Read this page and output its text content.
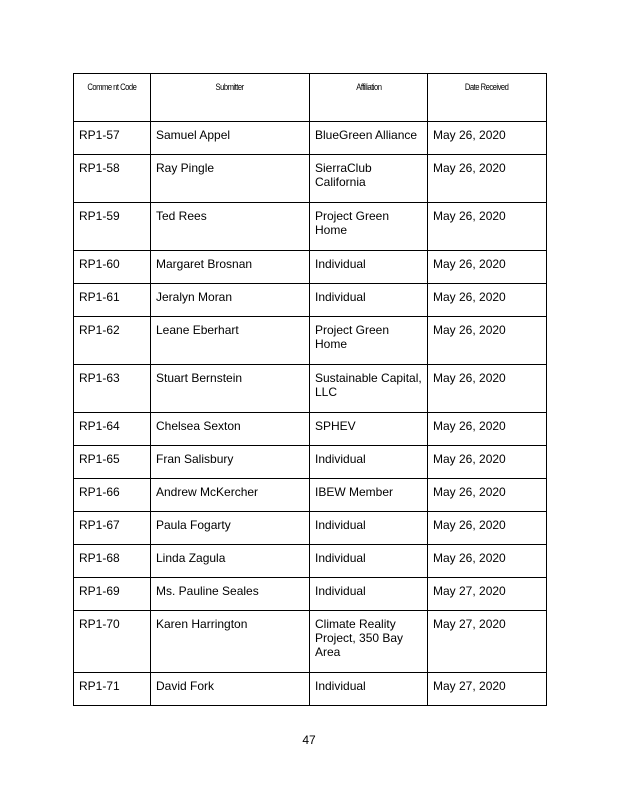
Comme nt Code	Submitter	Affiliation	Date Received
RP1-57	Samuel Appel	BlueGreen Alliance	May 26, 2020
RP1-58	Ray Pingle	SierraClub California	May 26, 2020
RP1-59	Ted Rees	Project Green Home	May 26, 2020
RP1-60	Margaret Brosnan	Individual	May 26, 2020
RP1-61	Jeralyn Moran	Individual	May 26, 2020
RP1-62	Leane Eberhart	Project Green Home	May 26, 2020
RP1-63	Stuart Bernstein	Sustainable Capital, LLC	May 26, 2020
RP1-64	Chelsea Sexton	SPHEV	May 26, 2020
RP1-65	Fran Salisbury	Individual	May 26, 2020
RP1-66	Andrew McKercher	IBEW Member	May 26, 2020
RP1-67	Paula Fogarty	Individual	May 26, 2020
RP1-68	Linda Zagula	Individual	May 26, 2020
RP1-69	Ms. Pauline Seales	Individual	May 27, 2020
RP1-70	Karen Harrington	Climate Reality Project, 350 Bay Area	May 27, 2020
RP1-71	David Fork	Individual	May 27, 2020
47
